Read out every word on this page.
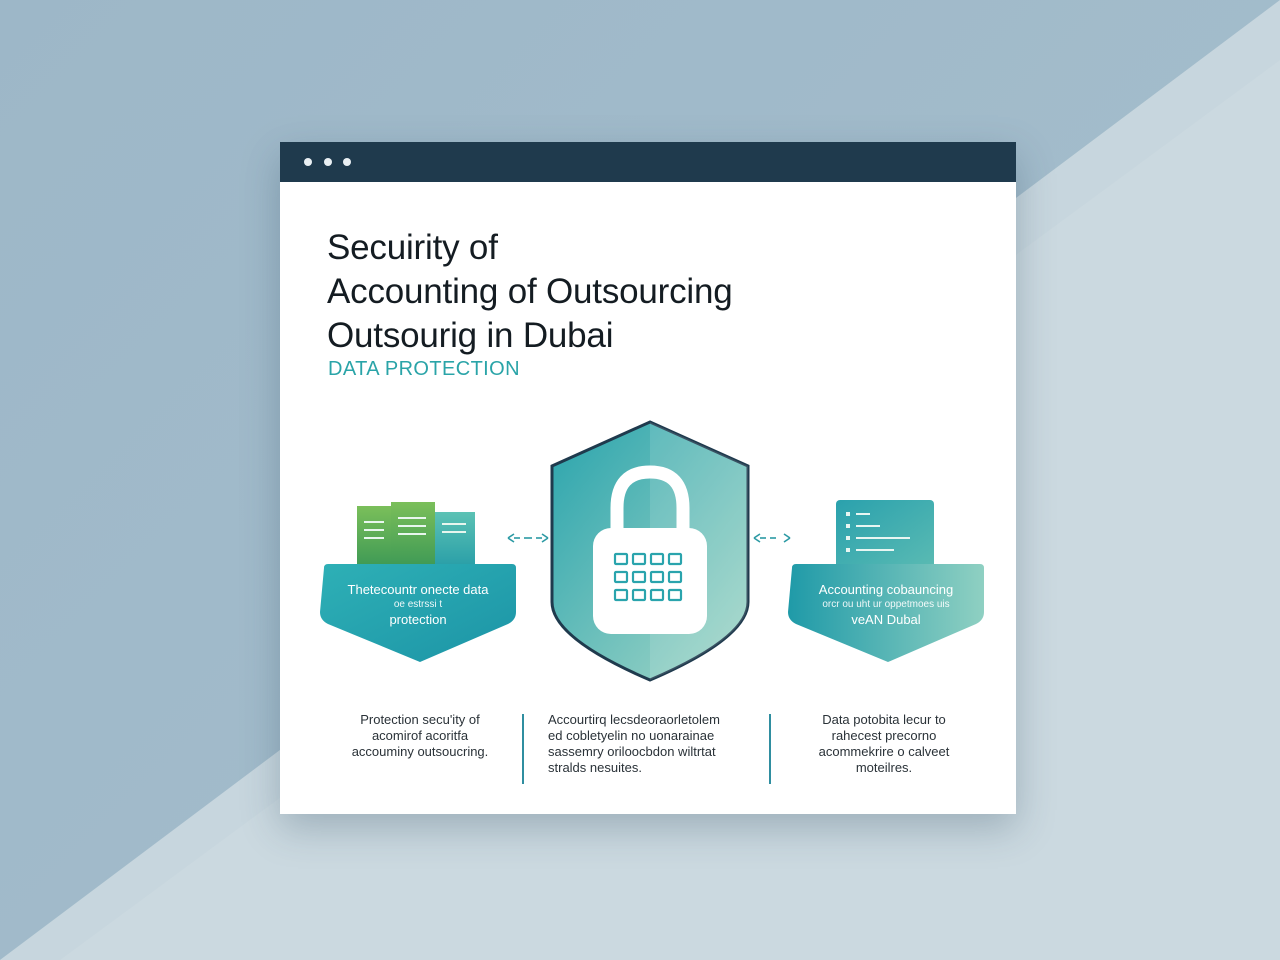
Secuirity of
Accounting of Outsourcing
Outsourig in Dubai
DATA PROTECTION
Thetecountr onecte data
oe estrssi t
protection
Accounting cobauncing
orcr ou uht ur oppetmoes uis
veAN Dubal
Protection secu'ity of
acomirof acoritfa
accouminy outsoucring.
Accourtirq lecsdeoraorletolem
ed cobletyelin no uonarainae
sassemry oriloocbdon wiltrtat
stralds nesuites.
Data potobita lecur to
rahecest precorno
acommekrire o calveet
moteilres.
